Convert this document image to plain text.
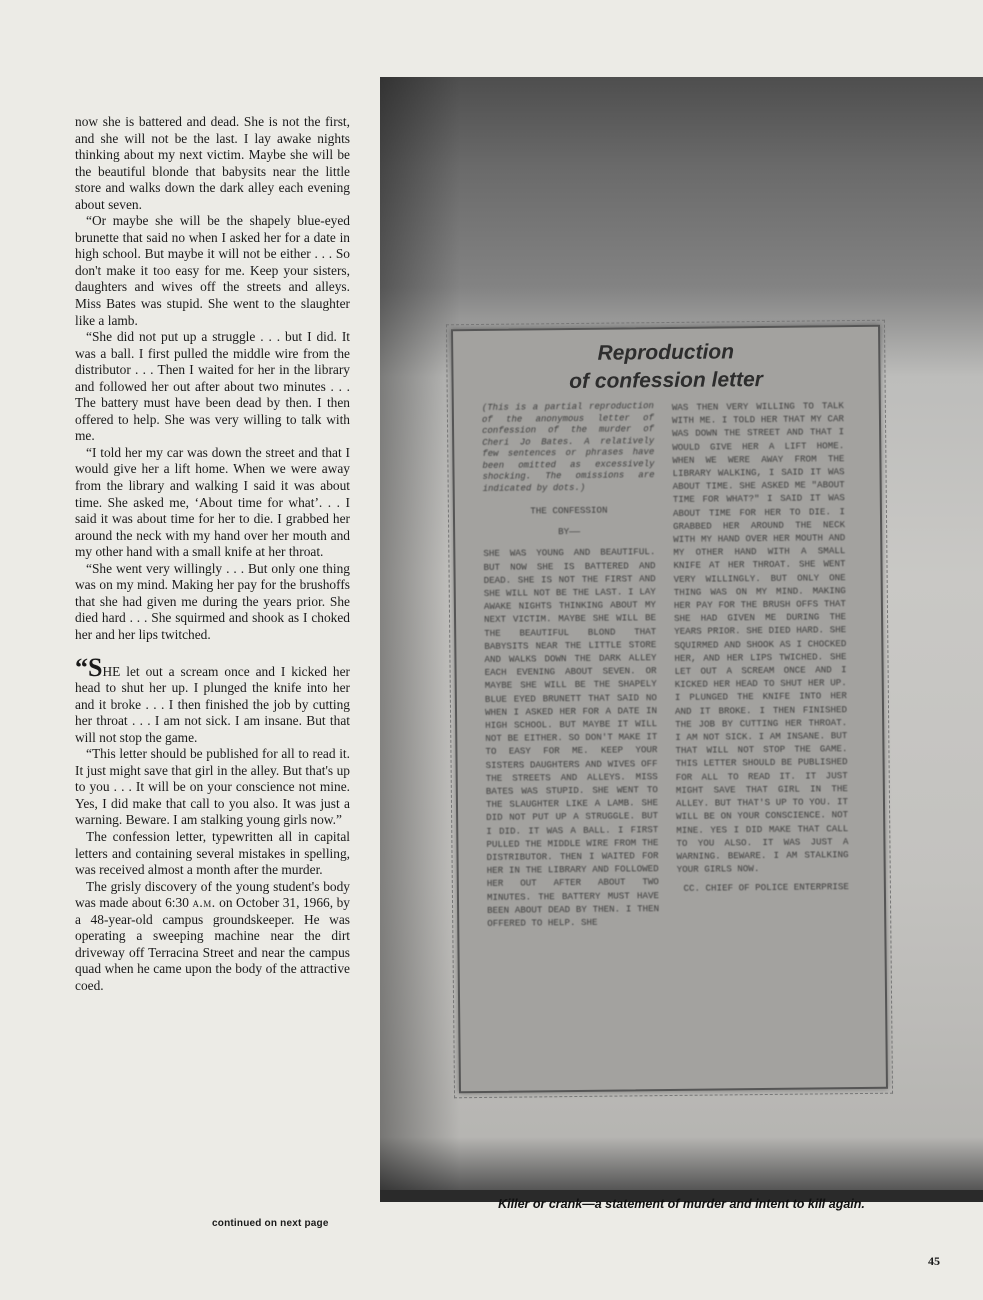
now she is battered and dead. She is not the first, and she will not be the last. I lay awake nights thinking about my next victim. Maybe she will be the beautiful blonde that babysits near the little store and walks down the dark alley each evening about seven.

“Or maybe she will be the shapely blue-eyed brunette that said no when I asked her for a date in high school. But maybe it will not be either . . . So don't make it too easy for me. Keep your sisters, daughters and wives off the streets and alleys. Miss Bates was stupid. She went to the slaughter like a lamb.

“She did not put up a struggle . . . but I did. It was a ball. I first pulled the middle wire from the distributor . . . Then I waited for her in the library and followed her out after about two minutes . . . The battery must have been dead by then. I then offered to help. She was very willing to talk with me.

“I told her my car was down the street and that I would give her a lift home. When we were away from the library and walking I said it was about time. She asked me, ‘About time for what’. . . I said it was about time for her to die. I grabbed her around the neck with my hand over her mouth and my other hand with a small knife at her throat.

“She went very willingly . . . But only one thing was on my mind. Making her pay for the brushoffs that she had given me during the years prior. She died hard . . . She squirmed and shook as I choked her and her lips twitched.

“SHE let out a scream once and I kicked her head to shut her up. I plunged the knife into her and it broke . . . I then finished the job by cutting her throat . . . I am not sick. I am insane. But that will not stop the game.

“This letter should be published for all to read it. It just might save that girl in the alley. But that's up to you . . . It will be on your conscience not mine. Yes, I did make that call to you also. It was just a warning. Beware. I am stalking young girls now.”

The confession letter, typewritten all in capital letters and containing several mistakes in spelling, was received almost a month after the murder.

The grisly discovery of the young student's body was made about 6:30 a.m. on October 31, 1966, by a 48-year-old campus groundskeeper. He was operating a sweeping machine near the dirt driveway off Terracina Street and near the campus quad when he came upon the body of the attractive coed.

continued on next page
Reproduction
of confession letter
(This is a partial reproduction of the anonymous letter of confession of the murder of Cheri Jo Bates. A relatively few sentences or phrases have been omitted as excessively shocking. The omissions are indicated by dots.)
THE CONFESSION
BY——
SHE WAS YOUNG AND BEAUTIFUL. BUT NOW SHE IS BATTERED AND DEAD. SHE IS NOT THE FIRST AND SHE WILL NOT BE THE LAST. I LAY AWAKE NIGHTS THINKING ABOUT MY NEXT VICTIM. MAYBE SHE WILL BE THE BEAUTIFUL BLOND THAT BABYSITS NEAR THE LITTLE STORE AND WALKS DOWN THE DARK ALLEY EACH EVENING ABOUT SEVEN. OR MAYBE SHE WILL BE THE SHAPELY BLUE EYED BRUNETT THAT SAID NO WHEN I ASKED HER FOR A DATE IN HIGH SCHOOL. BUT MAYBE IT WILL NOT BE EITHER. SO DON'T MAKE IT TO EASY FOR ME. KEEP YOUR SISTERS DAUGHTERS AND WIVES OFF THE STREETS AND ALLEYS. MISS BATES WAS STUPID. SHE WENT TO THE SLAUGHTER LIKE A LAMB. SHE DID NOT PUT UP A STRUGGLE. BUT I DID. IT WAS A BALL. I FIRST PULLED THE MIDDLE WIRE FROM THE DISTRIBUTOR. THEN I WAITED FOR HER IN THE LIBRARY AND FOLLOWED HER OUT AFTER ABOUT TWO MINUTES. THE BATTERY MUST HAVE BEEN ABOUT DEAD BY THEN. I THEN OFFERED TO HELP. SHE
WAS THEN VERY WILLING TO TALK WITH ME. I TOLD HER THAT MY CAR WAS DOWN THE STREET AND THAT I WOULD GIVE HER A LIFT HOME. WHEN WE WERE AWAY FROM THE LIBRARY WALKING, I SAID IT WAS ABOUT TIME. SHE ASKED ME "ABOUT TIME FOR WHAT?" I SAID IT WAS ABOUT TIME FOR HER TO DIE. I GRABBED HER AROUND THE NECK WITH MY HAND OVER HER MOUTH AND MY OTHER HAND WITH A SMALL KNIFE AT HER THROAT. SHE WENT VERY WILLINGLY. BUT ONLY ONE THING WAS ON MY MIND. MAKING HER PAY FOR THE BRUSH OFFS THAT SHE HAD GIVEN ME DURING THE YEARS PRIOR. SHE DIED HARD. SHE SQUIRMED AND SHOOK AS I CHOCKED HER, AND HER LIPS TWICHED. SHE LET OUT A SCREAM ONCE AND I KICKED HER HEAD TO SHUT HER UP. I PLUNGED THE KNIFE INTO HER AND IT BROKE. I THEN FINISHED THE JOB BY CUTTING HER THROAT. I AM NOT SICK. I AM INSANE. BUT THAT WILL NOT STOP THE GAME. THIS LETTER SHOULD BE PUBLISHED FOR ALL TO READ IT. IT JUST MIGHT SAVE THAT GIRL IN THE ALLEY. BUT THAT'S UP TO YOU. IT WILL BE ON YOUR CONSCIENCE. NOT MINE. YES I DID MAKE THAT CALL TO YOU ALSO. IT WAS JUST A WARNING. BEWARE. I AM STALKING YOUR GIRLS NOW.
CC. CHIEF OF POLICE ENTERPRISE
Killer or crank—a statement of murder and intent to kill again.
45
